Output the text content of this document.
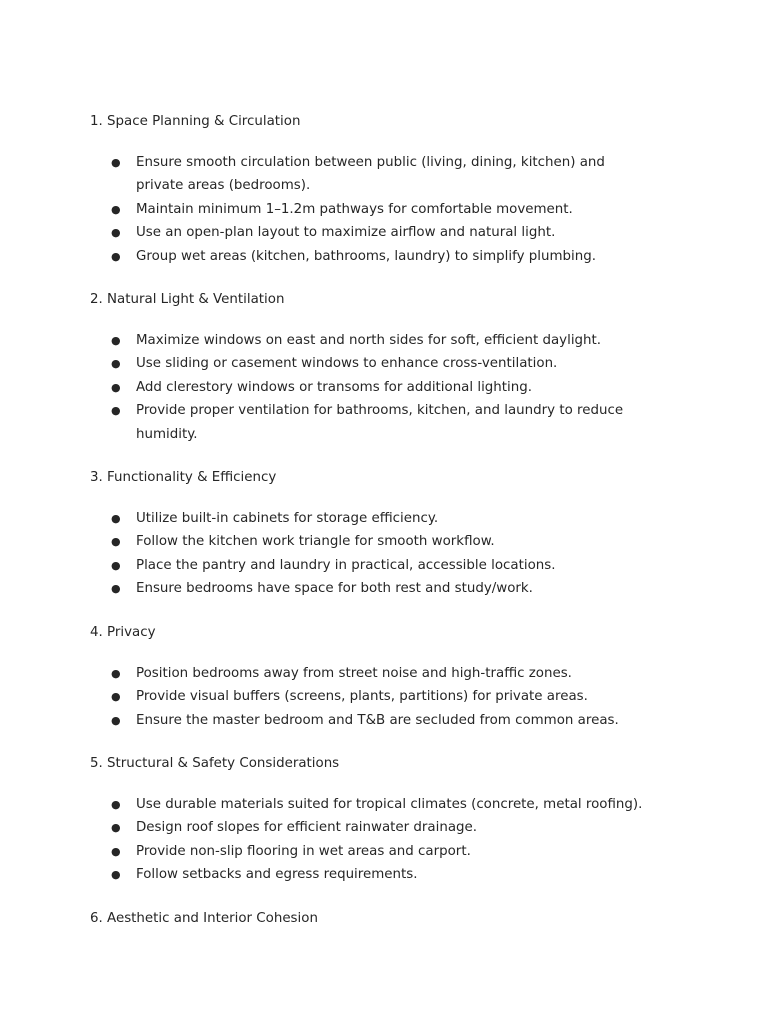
1. Space Planning & Circulation

● Ensure smooth circulation between public (living, dining, kitchen) and private areas (bedrooms).
● Maintain minimum 1–1.2m pathways for comfortable movement.
● Use an open-plan layout to maximize airflow and natural light.
● Group wet areas (kitchen, bathrooms, laundry) to simplify plumbing.

2. Natural Light & Ventilation

● Maximize windows on east and north sides for soft, efficient daylight.
● Use sliding or casement windows to enhance cross-ventilation.
● Add clerestory windows or transoms for additional lighting.
● Provide proper ventilation for bathrooms, kitchen, and laundry to reduce humidity.

3. Functionality & Efficiency

● Utilize built-in cabinets for storage efficiency.
● Follow the kitchen work triangle for smooth workflow.
● Place the pantry and laundry in practical, accessible locations.
● Ensure bedrooms have space for both rest and study/work.

4. Privacy

● Position bedrooms away from street noise and high-traffic zones.
● Provide visual buffers (screens, plants, partitions) for private areas.
● Ensure the master bedroom and T&B are secluded from common areas.

5. Structural & Safety Considerations

● Use durable materials suited for tropical climates (concrete, metal roofing).
● Design roof slopes for efficient rainwater drainage.
● Provide non-slip flooring in wet areas and carport.
● Follow setbacks and egress requirements.

6. Aesthetic and Interior Cohesion
